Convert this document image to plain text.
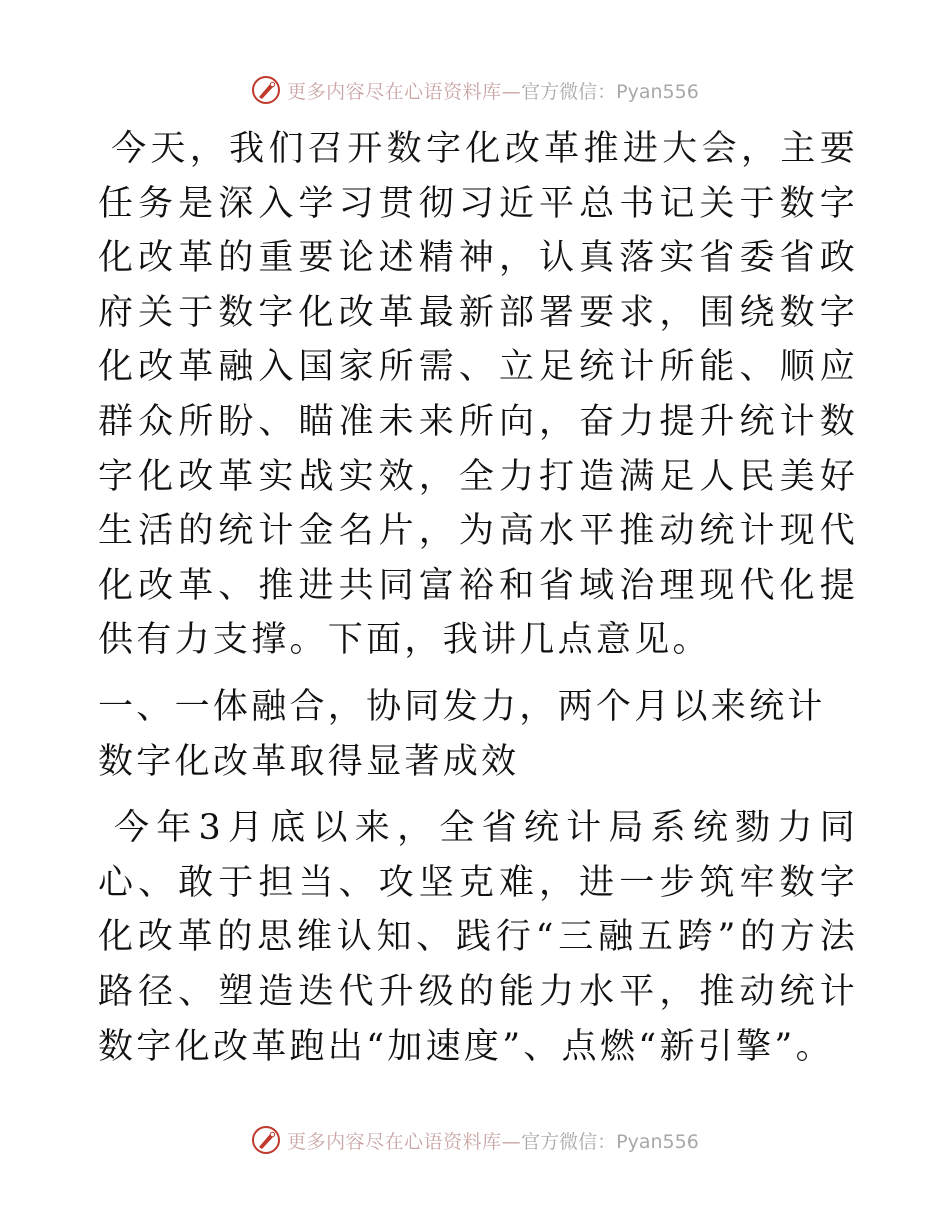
更多内容尽在心语资料库— 官方微信：Pyan556

今天，我们召开数字化改革推进大会，主要任务是深入学习贯彻习近平总书记关于数字化改革的重要论述精神，认真落实省委省政府关于数字化改革最新部署要求，围绕数字化改革融入国家所需、立足统计所能、顺应群众所盼、瞄准未来所向，奋力提升统计数字化改革实战实效，全力打造满足人民美好生活的统计金名片，为高水平推动统计现代化改革、推进共同富裕和省域治理现代化提供有力支撑。下面，我讲几点意见。

一、一体融合，协同发力，两个月以来统计数字化改革取得显著成效

今年3月底以来，全省统计局系统勠力同心、敢于担当、攻坚克难，进一步筑牢数字化改革的思维认知、践行“三融五跨”的方法路径、塑造迭代升级的能力水平，推动统计数字化改革跑出“加速度”、点燃“新引擎”。

更多内容尽在心语资料库— 官方微信：Pyan556
